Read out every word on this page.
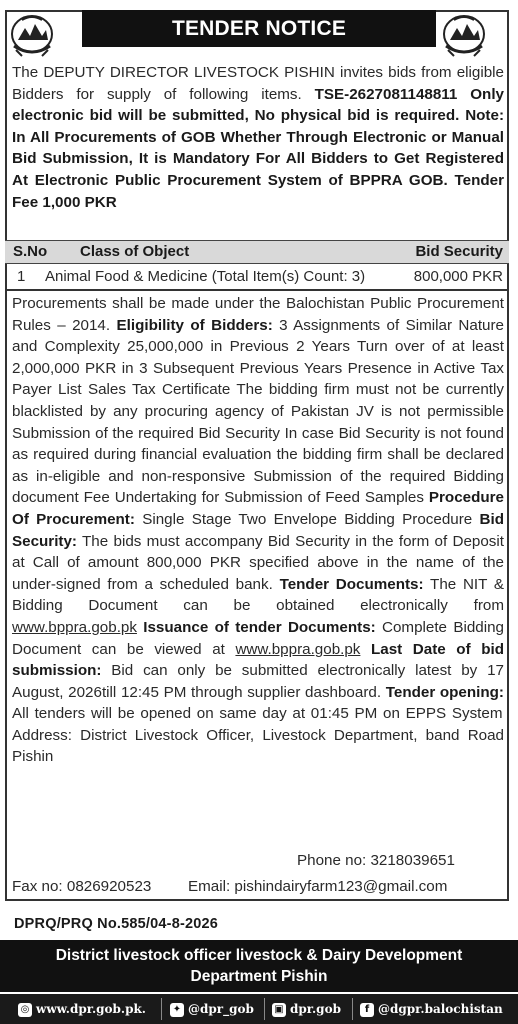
TENDER NOTICE
The DEPUTY DIRECTOR LIVESTOCK PISHIN invites bids from eligible Bidders for supply of following items. TSE-2627081148811 Only electronic bid will be submitted, No physical bid is required. Note: In All Procurements of GOB Whether Through Electronic or Manual Bid Submission, It is Mandatory For All Bidders to Get Registered At Electronic Public Procurement System of BPPRA GOB. Tender Fee 1,000 PKR
S.No Class of Object	Bid Security
1 Animal Food & Medicine (Total Item(s) Count: 3)	800,000 PKR
Procurements shall be made under the Balochistan Public Procurement Rules – 2014. Eligibility of Bidders: 3 Assignments of Similar Nature and Complexity 25,000,000 in Previous 2 Years Turn over of at least 2,000,000 PKR in 3 Subsequent Previous Years Presence in Active Tax Payer List Sales Tax Certificate The bidding firm must not be currently blacklisted by any procuring agency of Pakistan JV is not permissible Submission of the required Bid Security In case Bid Security is not found as required during financial evaluation the bidding firm shall be declared as in-eligible and non-responsive Submission of the required Bidding document Fee Undertaking for Submission of Feed Samples Procedure Of Procurement: Single Stage Two Envelope Bidding Procedure Bid Security: The bids must accompany Bid Security in the form of Deposit at Call of amount 800,000 PKR specified above in the name of the under-signed from a scheduled bank. Tender Documents: The NIT & Bidding Document can be obtained electronically from www.bppra.gob.pk Issuance of tender Documents: Complete Bidding Document can be viewed at www.bppra.gob.pk Last Date of bid submission: Bid can only be submitted electronically latest by 17 August, 2026till 12:45 PM through supplier dashboard. Tender opening: All tenders will be opened on same day at 01:45 PM on EPPS System Address: District Livestock Officer, Livestock Department, band Road Pishin
Phone no: 3218039651
Fax no: 0826920523 Email: pishindairyfarm123@gmail.com
DPRQ/PRQ No.585/04-8-2026
District livestock officer livestock & Dairy Development
Department Pishin
◎ www.dpr.gob.pk.	✦ @dpr_gob ▣ dpr.gob	f @dgpr.balochistan
